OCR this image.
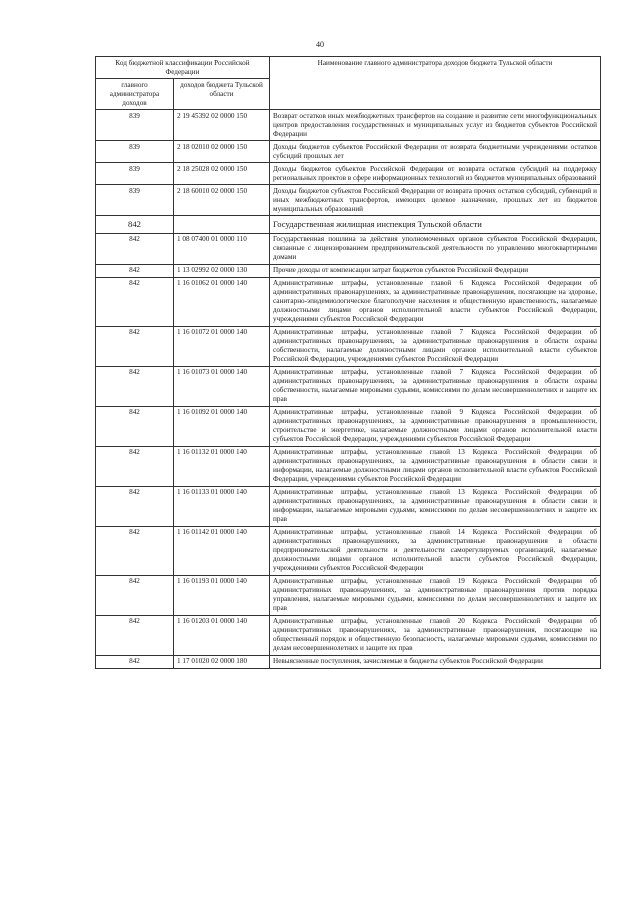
40
Код бюджетной классификации Российской Федерации		Наименование главного администратора доходов бюджета Тульской области
главного администратора доходов	доходов бюджета Тульской области	
839	2 19 45392 02 0000 150	Возврат остатков иных межбюджетных трансфертов на создание и развитие сети многофункциональных центров предоставления государственных и муниципальных услуг из бюджетов субъектов Российской Федерации
839	2 18 02010 02 0000 150	Доходы бюджетов субъектов Российской Федерации от возврата бюджетными учреждениями остатков субсидий прошлых лет
839	2 18 25028 02 0000 150	Доходы бюджетов субъектов Российской Федерации от возврата остатков субсидий на поддержку региональных проектов в сфере информационных технологий из бюджетов муниципальных образований
839	2 18 60010 02 0000 150	Доходы бюджетов субъектов Российской Федерации от возврата прочих остатков субсидий, субвенций и иных межбюджетных трансфертов, имеющих целевое назначение, прошлых лет из бюджетов муниципальных образований
842		Государственная жилищная инспекция Тульской области
842	1 08 07400 01 0000 110	Государственная пошлина за действия уполномоченных органов субъектов Российской Федерации, связанные с лицензированием предпринимательской деятельности по управлению многоквартирными домами
842	1 13 02992 02 0000 130	Прочие доходы от компенсации затрат бюджетов субъектов Российской Федерации
842	1 16 01062 01 0000 140	Административные штрафы, установленные главой 6 Кодекса Российской Федерации об административных правонарушениях, за административные правонарушения, посягающие на здоровье, санитарно-эпидемиологическое благополучие населения и общественную нравственность, налагаемые должностными лицами органов исполнительной власти субъектов Российской Федерации, учреждениями субъектов Российской Федерации
842	1 16 01072 01 0000 140	Административные штрафы, установленные главой 7 Кодекса Российской Федерации об административных правонарушениях, за административные правонарушения в области охраны собственности, налагаемые должностными лицами органов исполнительной власти субъектов Российской Федерации, учреждениями субъектов Российской Федерации
842	1 16 01073 01 0000 140	Административные штрафы, установленные главой 7 Кодекса Российской Федерации об административных правонарушениях, за административные правонарушения в области охраны собственности, налагаемые мировыми судьями, комиссиями по делам несовершеннолетних и защите их прав
842	1 16 01092 01 0000 140	Административные штрафы, установленные главой 9 Кодекса Российской Федерации об административных правонарушениях, за административные правонарушения в промышленности, строительстве и энергетике, налагаемые должностными лицами органов исполнительной власти субъектов Российской Федерации, учреждениями субъектов Российской Федерации
842	1 16 01132 01 0000 140	Административные штрафы, установленные главой 13 Кодекса Российской Федерации об административных правонарушениях, за административные правонарушения в области связи и информации, налагаемые должностными лицами органов исполнительной власти субъектов Российской Федерации, учреждениями субъектов Российской Федерации
842	1 16 01133 01 0000 140	Административные штрафы, установленные главой 13 Кодекса Российской Федерации об административных правонарушениях, за административные правонарушения в области связи и информации, налагаемые мировыми судьями, комиссиями по делам несовершеннолетних и защите их прав
842	1 16 01142 01 0000 140	Административные штрафы, установленные главой 14 Кодекса Российской Федерации об административных правонарушениях, за административные правонарушения в области предпринимательской деятельности и деятельности саморегулируемых организаций, налагаемые должностными лицами органов исполнительной власти субъектов Российской Федерации, учреждениями субъектов Российской Федерации
842	1 16 01193 01 0000 140	Административные штрафы, установленные главой 19 Кодекса Российской Федерации об административных правонарушениях, за административные правонарушения против порядка управления, налагаемые мировыми судьями, комиссиями по делам несовершеннолетних и защите их прав
842	1 16 01203 01 0000 140	Административные штрафы, установленные главой 20 Кодекса Российской Федерации об административных правонарушениях, за административные правонарушения, посягающие на общественный порядок и общественную безопасность, налагаемые мировыми судьями, комиссиями по делам несовершеннолетних и защите их прав
842	1 17 01020 02 0000 180	Невыясненные поступления, зачисляемые в бюджеты субъектов Российской Федерации
